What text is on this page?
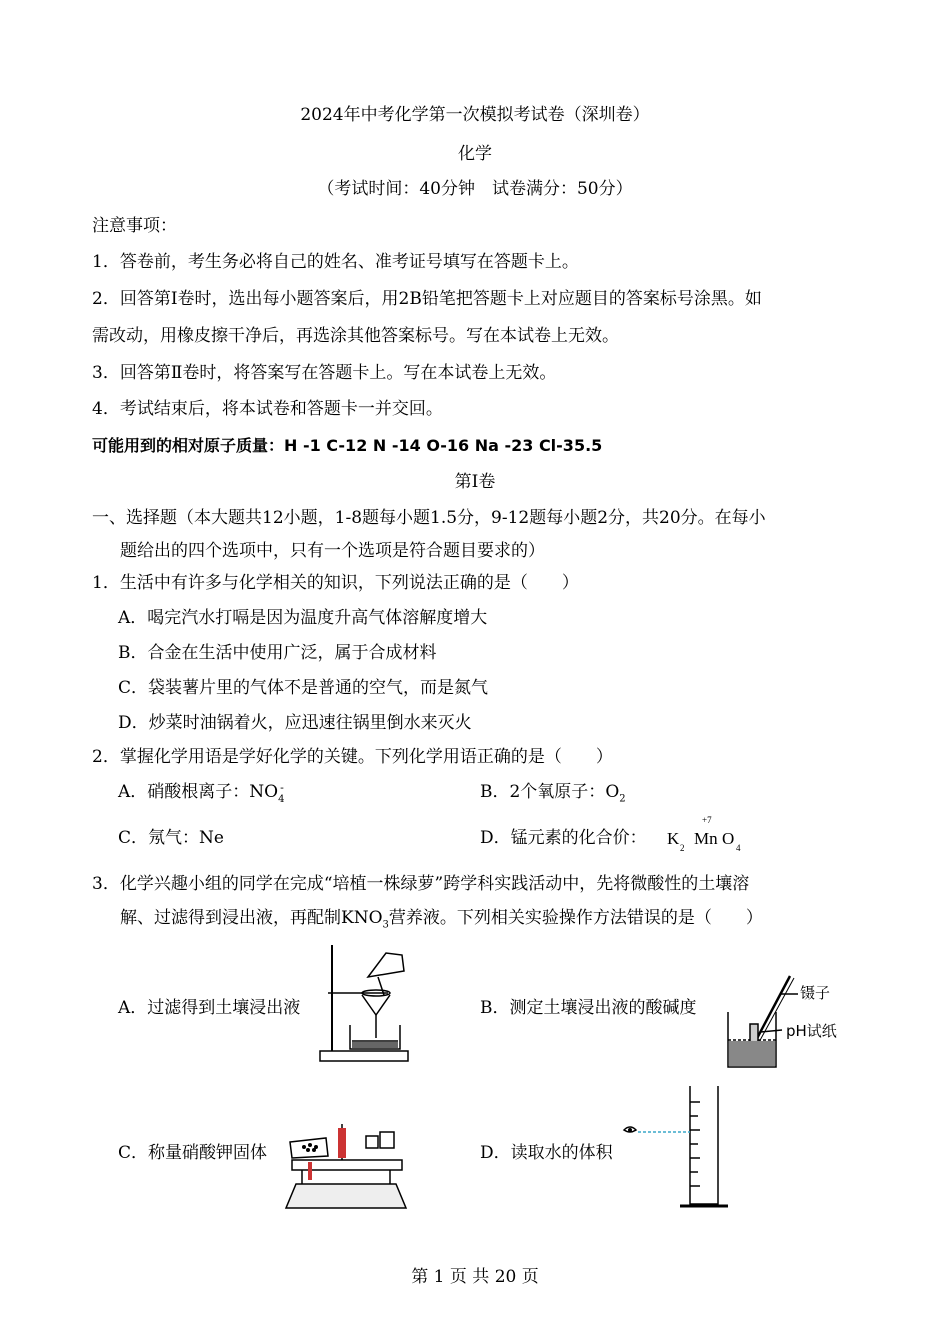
2024年中考化学第一次模拟考试卷（深圳卷）
化学
（考试时间：40分钟　试卷满分：50分）
注意事项：
1．答卷前，考生务必将自己的姓名、准考证号填写在答题卡上。
2．回答第Ⅰ卷时，选出每小题答案后，用2B铅笔把答题卡上对应题目的答案标号涂黑。如
需改动，用橡皮擦干净后，再选涂其他答案标号。写在本试卷上无效。
3．回答第Ⅱ卷时，将答案写在答题卡上。写在本试卷上无效。
4．考试结束后，将本试卷和答题卡一并交回。
可能用到的相对原子质量：H -1 C-12 N -14 O-16 Na -23 Cl-35.5
第Ⅰ卷
一、选择题（本大题共12小题，1-8题每小题1.5分，9-12题每小题2分，共20分。在每小
题给出的四个选项中，只有一个选项是符合题目要求的）
1．生活中有许多与化学相关的知识，下列说法正确的是（　　）
A．喝完汽水打嗝是因为温度升高气体溶解度增大
B．合金在生活中使用广泛，属于合成材料
C．袋装薯片里的气体不是普通的空气，而是氮气
D．炒菜时油锅着火，应迅速往锅里倒水来灭火
2．掌握化学用语是学好化学的关键。下列化学用语正确的是（　　）
A．硝酸根离子：NO 4
-	B．2个氧原子：$O_2$
C．氖气：Ne	D．锰元素的化合价： K 2
+7
Mn O 4
3．化学兴趣小组的同学在完成“培植一株绿萝”跨学科实践活动中，先将微酸性的土壤溶
解、过滤得到浸出液，再配制$KNO_3$营养液。下列相关实验操作方法错误的是（　　）
A．过滤得到土壤浸出液	B．测定土壤浸出液的酸碱度
C．称量硝酸钾固体	D．读取水的体积
镊子
pH试纸
第 1 页 共 20 页
